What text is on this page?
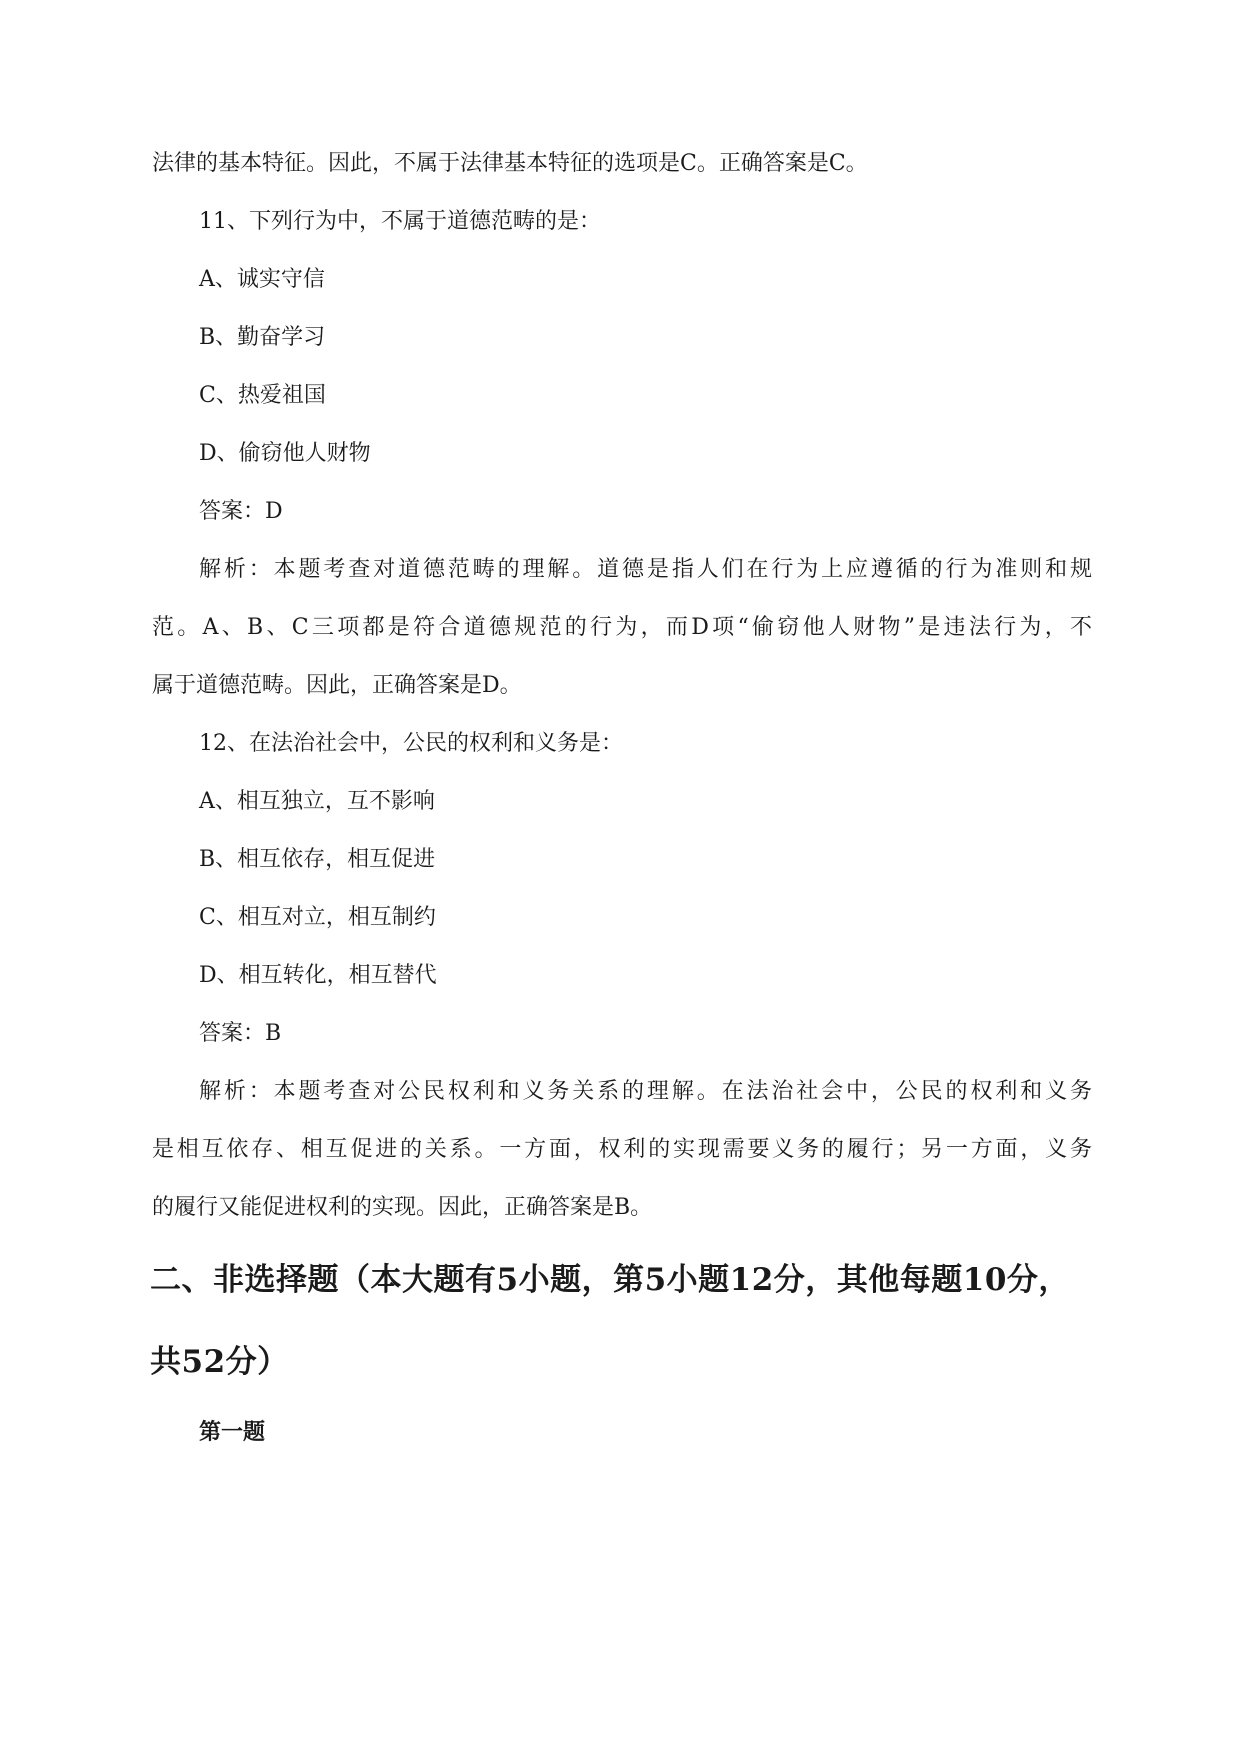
法律的基本特征。因此，不属于法律基本特征的选项是C。正确答案是C。
11、下列行为中，不属于道德范畴的是：
A、诚实守信
B、勤奋学习
C、热爱祖国
D、偷窃他人财物
答案：D
解析：本题考查对道德范畴的理解。道德是指人们在行为上应遵循的行为准则和规
范。A、B、C三项都是符合道德规范的行为，而D项“偷窃他人财物”是违法行为，不
属于道德范畴。因此，正确答案是D。
12、在法治社会中，公民的权利和义务是：
A、相互独立，互不影响
B、相互依存，相互促进
C、相互对立，相互制约
D、相互转化，相互替代
答案：B
解析：本题考查对公民权利和义务关系的理解。在法治社会中，公民的权利和义务
是相互依存、相互促进的关系。一方面，权利的实现需要义务的履行；另一方面，义务
的履行又能促进权利的实现。因此，正确答案是B。
二、非选择题（本大题有5小题，第5小题12分，其他每题10分，
共52分）
第一题
